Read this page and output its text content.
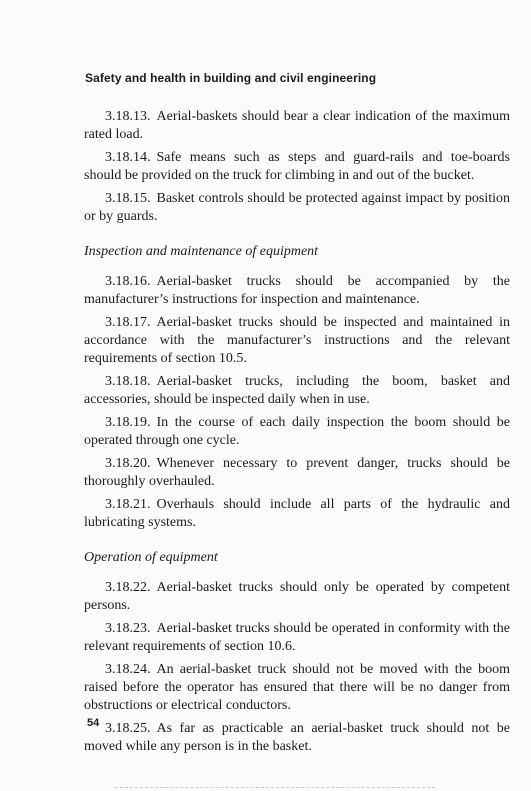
Safety and health in building and civil engineering

3.18.13. Aerial-baskets should bear a clear indication of the maximum rated load.

3.18.14. Safe means such as steps and guard-rails and toe-boards should be provided on the truck for climbing in and out of the bucket.

3.18.15. Basket controls should be protected against impact by position or by guards.

Inspection and maintenance of equipment

3.18.16. Aerial-basket trucks should be accompanied by the manufacturer’s instructions for inspection and maintenance.

3.18.17. Aerial-basket trucks should be inspected and maintained in accordance with the manufacturer’s instructions and the relevant requirements of section 10.5.

3.18.18. Aerial-basket trucks, including the boom, basket and accessories, should be inspected daily when in use.

3.18.19. In the course of each daily inspection the boom should be operated through one cycle.

3.18.20. Whenever necessary to prevent danger, trucks should be thoroughly overhauled.

3.18.21. Overhauls should include all parts of the hydraulic and lubricating systems.

Operation of equipment

3.18.22. Aerial-basket trucks should only be operated by competent persons.

3.18.23. Aerial-basket trucks should be operated in conformity with the relevant requirements of section 10.6.

3.18.24. An aerial-basket truck should not be moved with the boom raised before the operator has ensured that there will be no danger from obstructions or electrical conductors.

3.18.25. As far as practicable an aerial-basket truck should not be moved while any person is in the basket.

54
